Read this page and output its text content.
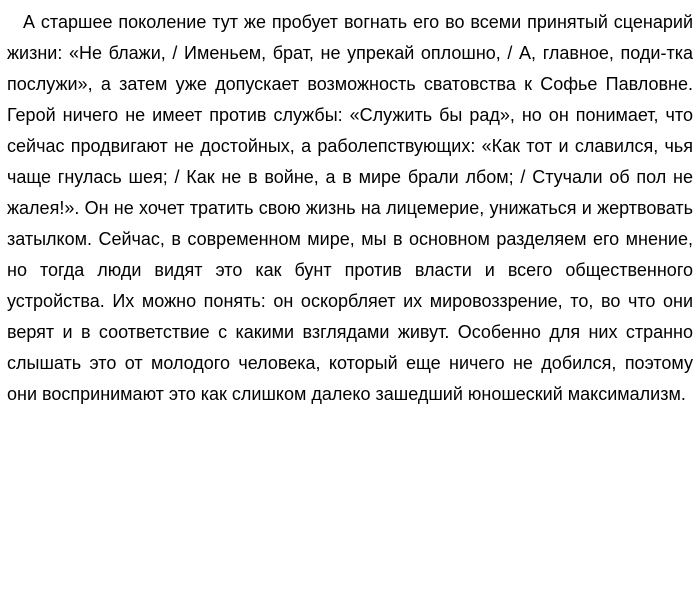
А старшее поколение тут же пробует вогнать его во всеми принятый сценарий жизни: «Не блажи, / Именьем, брат, не упрекай оплошно, / А, главное, поди-тка послужи», а затем уже допускает возможность сватовства к Софье Павловне. Герой ничего не имеет против службы: «Служить бы рад», но он понимает, что сейчас продвигают не достойных, а раболепствующих: «Как тот и славился, чья чаще гнулась шея; / Как не в войне, а в мире брали лбом; / Стучали об пол не жалея!». Он не хочет тратить свою жизнь на лицемерие, унижаться и жертвовать затылком. Сейчас, в современном мире, мы в основном разделяем его мнение, но тогда люди видят это как бунт против власти и всего общественного устройства. Их можно понять: он оскорбляет их мировоззрение, то, во что они верят и в соответствие с какими взглядами живут. Особенно для них странно слышать это от молодого человека, который еще ничего не добился, поэтому они воспринимают это как слишком далеко зашедший юношеский максимализм.
